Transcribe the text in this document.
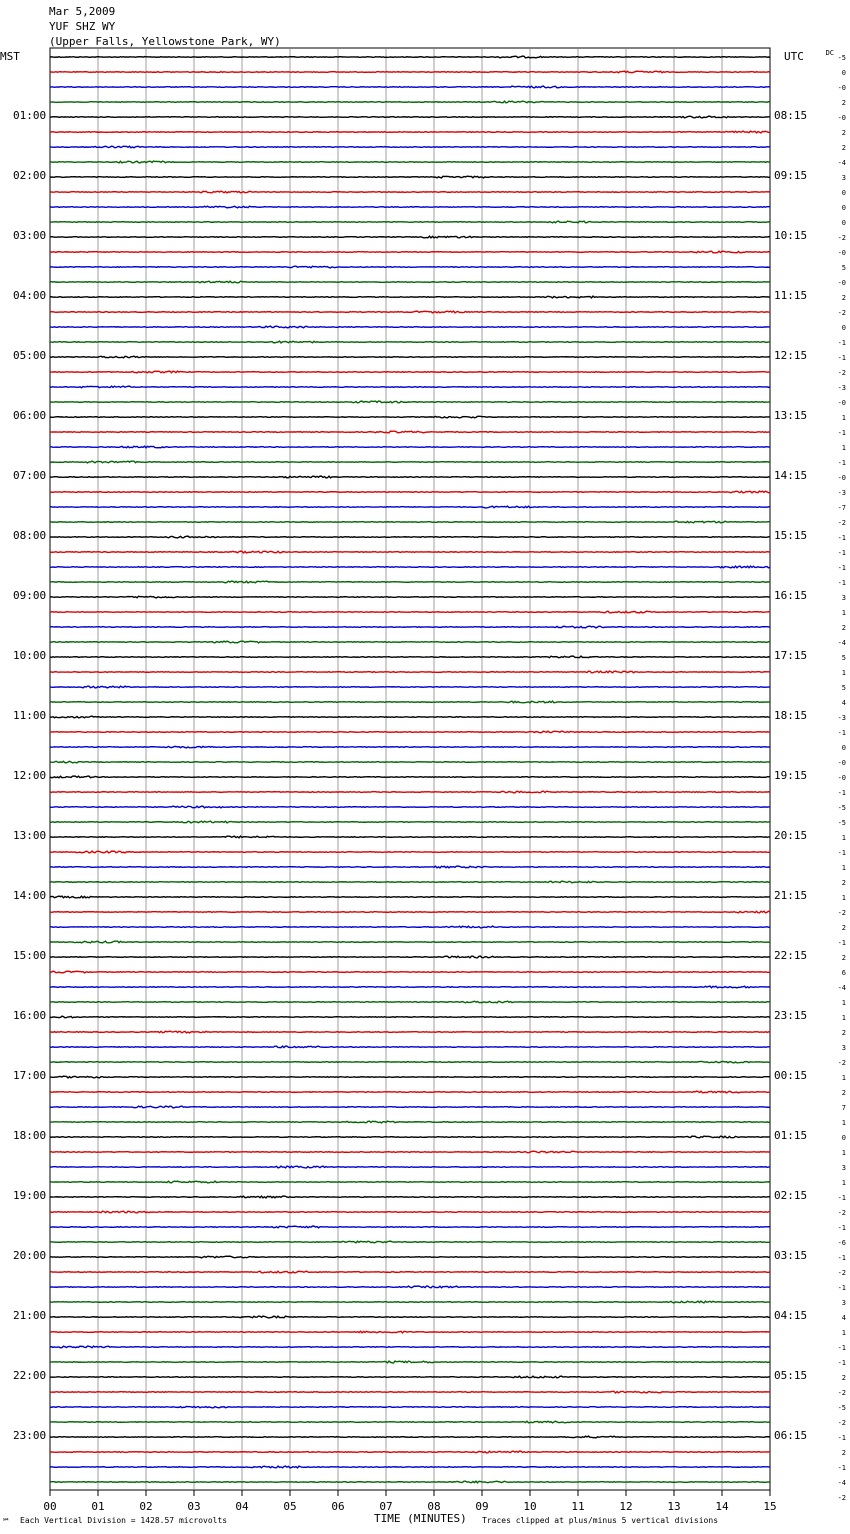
Mar 5,2009
YUF SHZ WY
(Upper Falls, Yellowstone Park, WY)
MST	UTC	DC
00	01	02	03	04	05	06	07	08	09	10	11	12	13	14	15
01:00	08:15
02:00	09:15
03:00	10:15
04:00	11:15
05:00	12:15
06:00	13:15
07:00	14:15
08:00	15:15
09:00	16:15
10:00	17:15
11:00	18:15
12:00	19:15
13:00	20:15
14:00	21:15
15:00	22:15
16:00	23:15
17:00	00:15
18:00	01:15
19:00	02:15
20:00	03:15
21:00	04:15
22:00	05:15
23:00	06:15
-5
0
-0
2
-0
2
2
-4
3
0
0
0
-2
-0
5
-0
2
-2
0
-1
-1
-2
-3
-0
1
-1
1
-1
-0
-3
-7
-2
-1
-1
-1
-1
3
1
2
-4
5
1
5
4
-3
-1
0
-0
-0
-1
-5
-5
1
-1
1
2
1
-2
2
-1
2
6
-4
1
1
2
3
-2
1
2
7
1
0
1
3
1
-1
-2
-1
-6
-1
-2
-1
3
4
1
-1
-1
2
-2
-5
-2
-1
2
-1
-4
-2
℠ Each Vertical Division = 1428.57 microvolts	TIME (MINUTES) Traces clipped at plus/minus 5 vertical divisions
